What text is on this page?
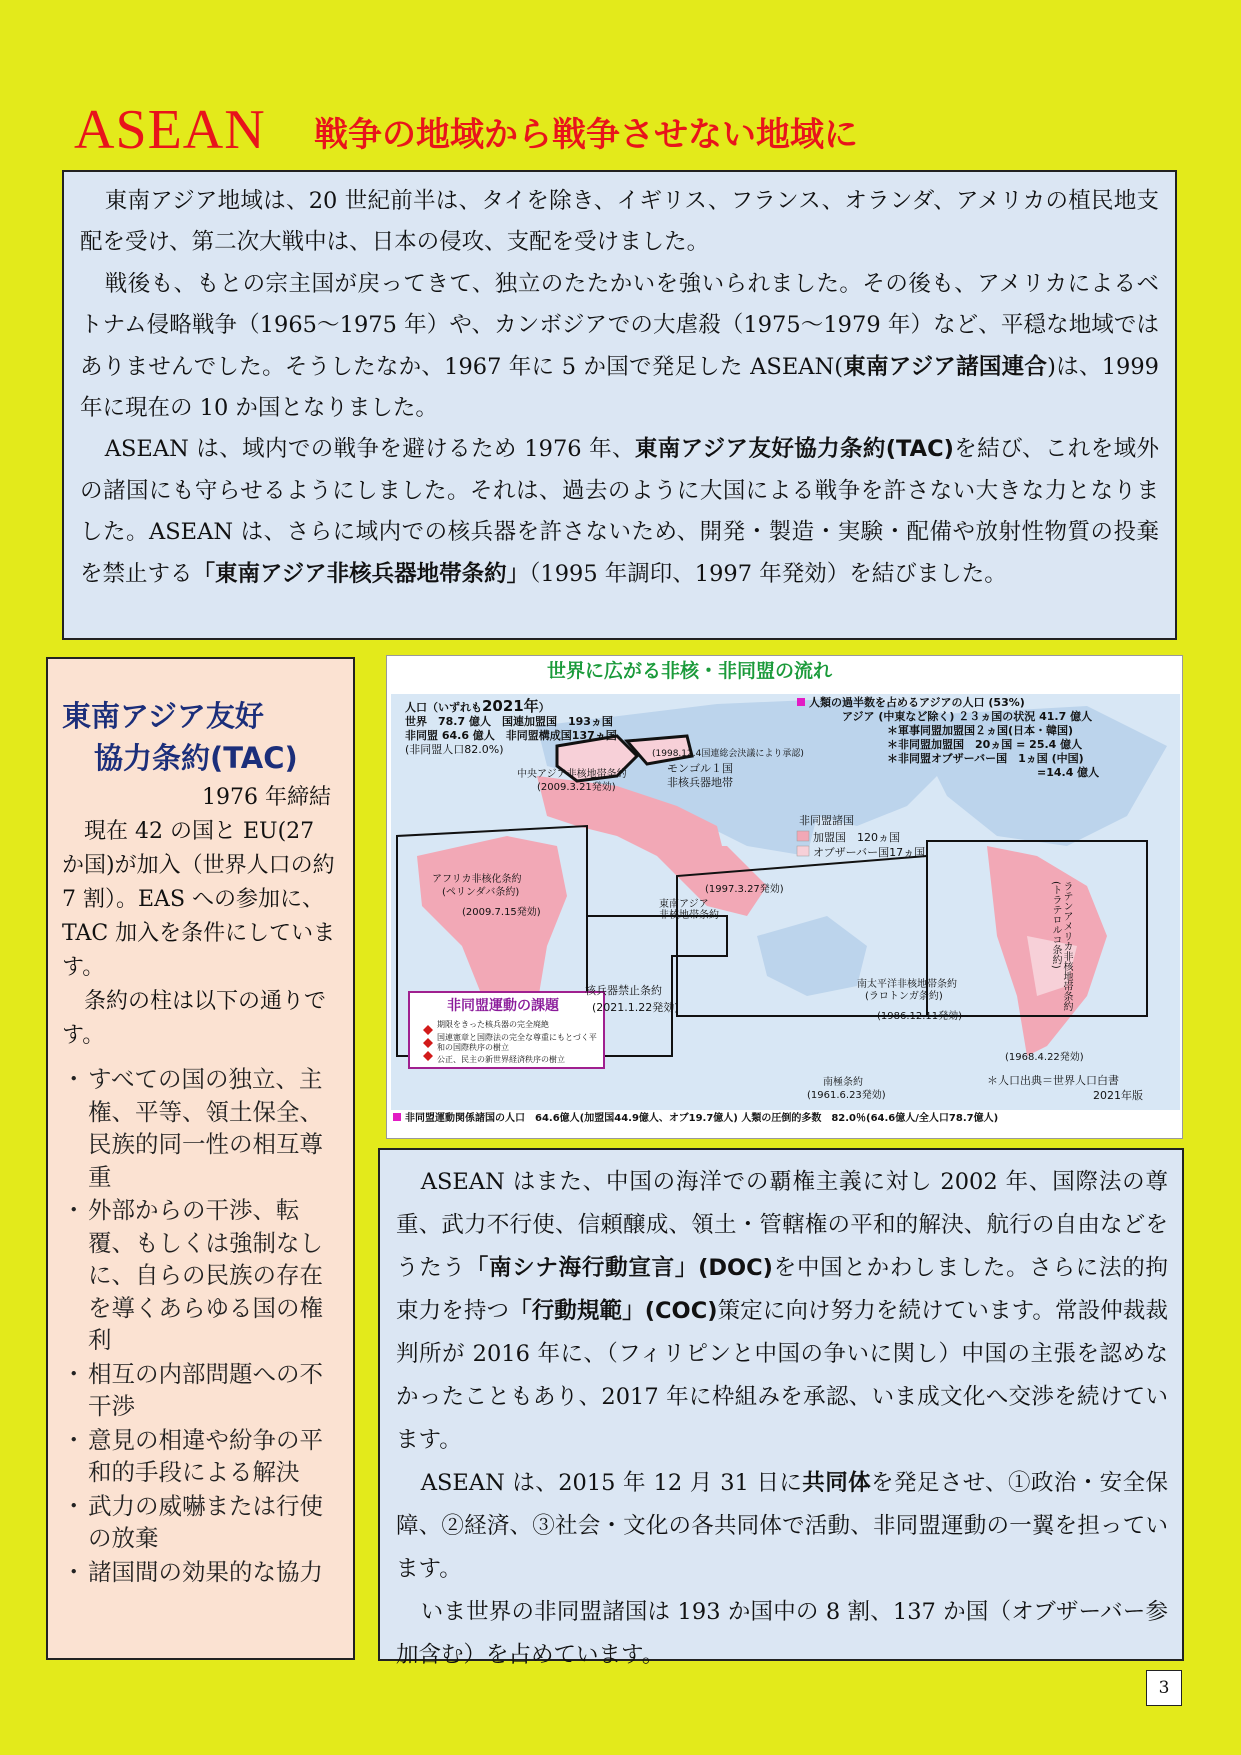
ASEAN 戦争の地域から戦争させない地域に

東南アジア地域は、20 世紀前半は、タイを除き、イギリス、フランス、オランダ、アメリカの植民地支配を受け、第二次大戦中は、日本の侵攻、支配を受けました。

戦後も、もとの宗主国が戻ってきて、独立のたたかいを強いられました。その後も、アメリカによるベトナム侵略戦争（1965～1975 年）や、カンボジアでの大虐殺（1975～1979 年）など、平穏な地域ではありませんでした。そうしたなか、1967 年に 5 か国で発足した ASEAN(東南アジア諸国連合)は、1999 年に現在の 10 か国となりました。

ASEAN は、域内での戦争を避けるため 1976 年、東南アジア友好協力条約(TAC)を結び、これを域外の諸国にも守らせるようにしました。それは、過去のように大国による戦争を許さない大きな力となりました。ASEAN は、さらに域内での核兵器を許さないため、開発・製造・実験・配備や放射性物質の投棄を禁止する「東南アジア非核兵器地帯条約」（1995 年調印、1997 年発効）を結びました。

東南アジア友好
協力条約(TAC)
1976 年締結

現在 42 の国と EU(27 か国)が加入（世界人口の約 7 割）。EAS への参加に、TAC 加入を条件にしています。

条約の柱は以下の通りです。

・ すべての国の独立、主権、平等、領土保全、民族的同一性の相互尊重
・ 外部からの干渉、転覆、もしくは強制なしに、自らの民族の存在を導くあらゆる国の権利
・ 相互の内部問題への不干渉
・ 意見の相違や紛争の平和的手段による解決
・ 武力の威嚇または行使の放棄
・ 諸国間の効果的な協力
世界に広がる非核・非同盟の流れ
人口（いずれも2021年）
世界　78.7 億人　国連加盟国　193ヵ国
非同盟 64.6 億人　非同盟構成国137ヵ国
(非同盟人口82.0%)
人類の過半数を占めるアジアの人口 (53%)
アジア (中東など除く) ２３ヵ国の状況 41.7 億人
＊軍事同盟加盟国２ヵ国(日本・韓国)
＊非同盟加盟国　20ヵ国 = 25.4 億人
＊非同盟オブザーバー国　1ヵ国 (中国)
=14.4 億人
(1998.12.4国連総会決議により承認)
モンゴル１国
非核兵器地帯
中央アジア非核地帯条約
(2009.3.21発効)
非同盟諸国
加盟国　120ヵ国
オブザーバー国17ヵ国
アフリカ非核化条約
(ペリンダバ条約)
(2009.7.15発効)
(1997.3.27発効)
東南アジア
非核地帯条約
核兵器禁止条約
(2021.1.22発効)
南太平洋非核地帯条約
(ラロトンガ条約)
(1986.12.11発効)
ラテンアメリカ非核地帯条約 (トラテロルコ条約)
(1968.4.22発効)
南極条約
(1961.6.23発効)
＊人口出典＝世界人口白書
2021年版
非同盟運動の課題
期限をきった核兵器の完全廃絶
国連憲章と国際法の完全な尊重にもとづく平和の国際秩序の樹立
公正、民主の新世界経済秩序の樹立
非同盟運動関係諸国の人口　64.6億人(加盟国44.9億人、オブ19.7億人) 人類の圧倒的多数　82.0％(64.6億人/全人口78.7億人)

ASEAN はまた、中国の海洋での覇権主義に対し 2002 年、国際法の尊重、武力不行使、信頼醸成、領土・管轄権の平和的解決、航行の自由などをうたう「南シナ海行動宣言」(DOC)を中国とかわしました。さらに法的拘束力を持つ「行動規範」(COC)策定に向け努力を続けています。常設仲裁裁判所が 2016 年に、（フィリピンと中国の争いに関し）中国の主張を認めなかったこともあり、2017 年に枠組みを承認、いま成文化へ交渉を続けています。

ASEAN は、2015 年 12 月 31 日に共同体を発足させ、①政治・安全保障、②経済、③社会・文化の各共同体で活動、非同盟運動の一翼を担っています。

いま世界の非同盟諸国は 193 か国中の 8 割、137 か国（オブザーバー参加含む）を占めています。

3
